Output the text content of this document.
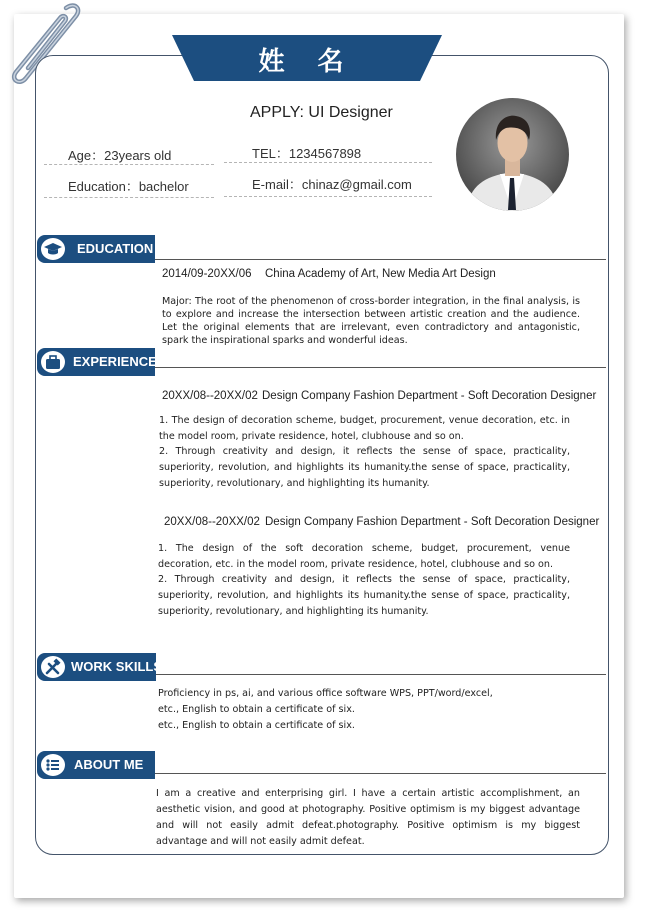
姓 名
APPLY: UI Designer
Age：23years old
Education：bachelor
TEL：1234567898
E-mail：chinaz@gmail.com
EDUCATION
2014/09-20XX/06 China Academy of Art, New Media Art Design
Major: The root of the phenomenon of cross-border integration, in the final analysis, is to explore and increase the intersection between artistic creation and the audience. Let the original elements that are irrelevant, even contradictory and antagonistic, spark the inspirational sparks and wonderful ideas.
EXPERIENCE
20XX/08--20XX/02 Design Company Fashion Department - Soft Decoration Designer
1. The design of decoration scheme, budget, procurement, venue decoration, etc. in the model room, private residence, hotel, clubhouse and so on.
2. Through creativity and design, it reflects the sense of space, practicality, superiority, revolution, and highlights its humanity.the sense of space, practicality, superiority, revolutionary, and highlighting its humanity.
20XX/08--20XX/02 Design Company Fashion Department - Soft Decoration Designer
1. The design of the soft decoration scheme, budget, procurement, venue decoration, etc. in the model room, private residence, hotel, clubhouse and so on.
2. Through creativity and design, it reflects the sense of space, practicality, superiority, revolution, and highlights its humanity.the sense of space, practicality, superiority, revolutionary, and highlighting its humanity.
WORK SKILLS
Proficiency in ps, ai, and various office software WPS, PPT/word/excel,
etc., English to obtain a certificate of six.
etc., English to obtain a certificate of six.
ABOUT ME
I am a creative and enterprising girl. I have a certain artistic accomplishment, an aesthetic vision, and good at photography. Positive optimism is my biggest advantage and will not easily admit defeat.photography. Positive optimism is my biggest advantage and will not easily admit defeat.
